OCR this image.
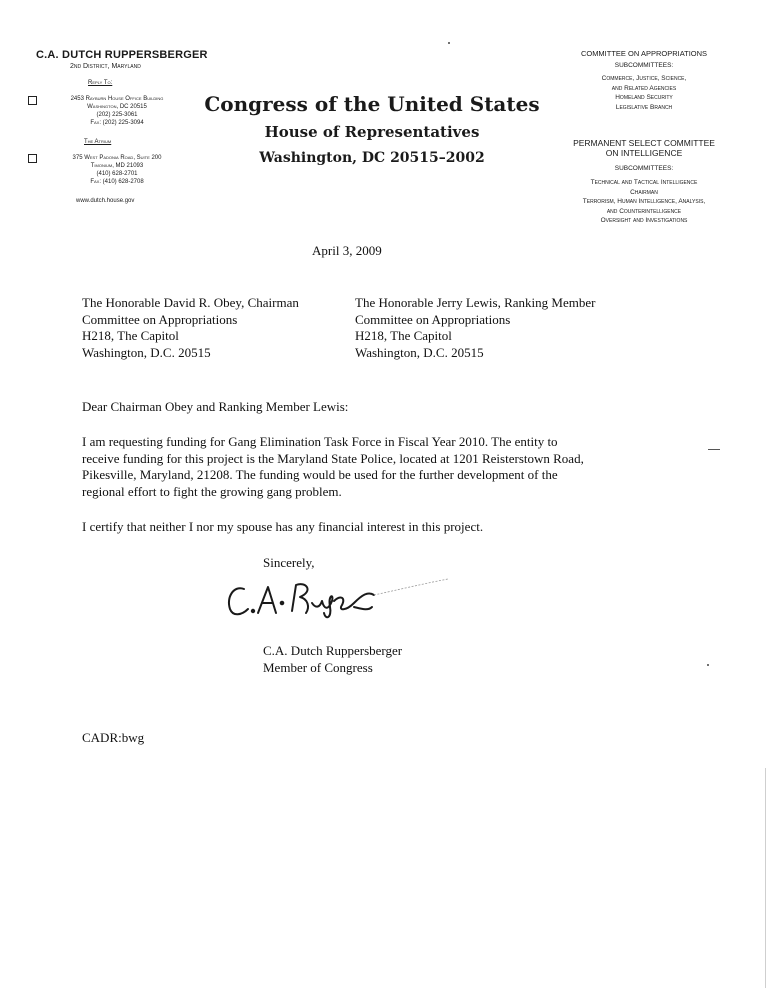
C.A. DUTCH RUPPERSBERGER
2nd District, Maryland
Reply To:
2453 Rayburn House Office Building
Washington, DC 20515
(202) 225-3061
Fax: (202) 225-3094
The Atrium
375 West Padonia Road, Suite 200
Timonium, MD 21093
(410) 628-2701
Fax: (410) 628-2708
www.dutch.house.gov
Congress of the United States
House of Representatives
Washington, DC 20515–2002
COMMITTEE ON APPROPRIATIONS
SUBCOMMITTEES:
Commerce, Justice, Science,
and Related Agencies
Homeland Security
Legislative Branch
PERMANENT SELECT COMMITTEE
ON INTELLIGENCE
SUBCOMMITTEES:
Technical and Tactical Intelligence
Chairman
Terrorism, Human Intelligence, Analysis,
and Counterintelligence
Oversight and Investigations
April 3, 2009
The Honorable David R. Obey, Chairman
Committee on Appropriations
H218, The Capitol
Washington, D.C. 20515
The Honorable Jerry Lewis, Ranking Member
Committee on Appropriations
H218, The Capitol
Washington, D.C. 20515
Dear Chairman Obey and Ranking Member Lewis:
I am requesting funding for Gang Elimination Task Force in Fiscal Year 2010. The entity to
receive funding for this project is the Maryland State Police, located at 1201 Reisterstown Road,
Pikesville, Maryland, 21208. The funding would be used for the further development of the
regional effort to fight the growing gang problem.
I certify that neither I nor my spouse has any financial interest in this project.
Sincerely,
C.A. Dutch Ruppersberger
Member of Congress
CADR:bwg
